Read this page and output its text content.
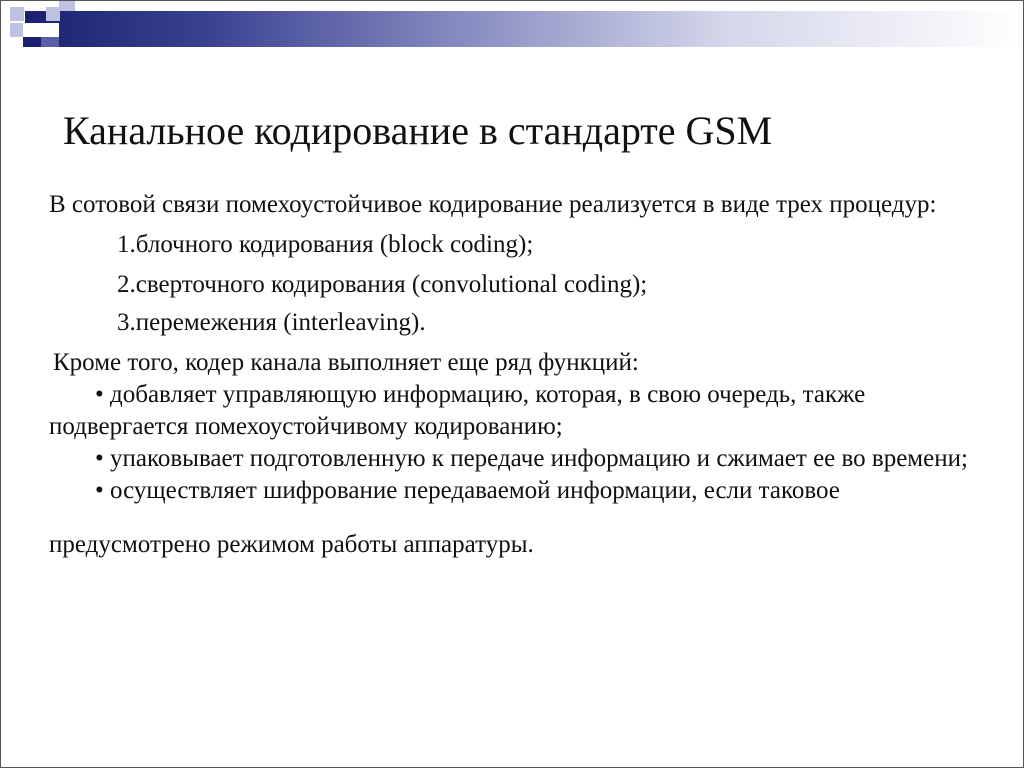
Канальное кодирование в стандарте GSM

В сотовой связи помехоустойчивое кодирование реализуется в виде трех процедур:

1.блочного кодирования (block coding);

2.сверточного кодирования (convolutional coding);

3.перемежения (interleaving).

Кроме того, кодер канала выполняет еще ряд функций:

• добавляет управляющую информацию, которая, в свою очередь, также подвергается помехоустойчивому кодированию;

• упаковывает подготовленную к передаче информацию и сжимает ее во времени;

• осуществляет шифрование передаваемой информации, если таковое

предусмотрено режимом работы аппаратуры.
